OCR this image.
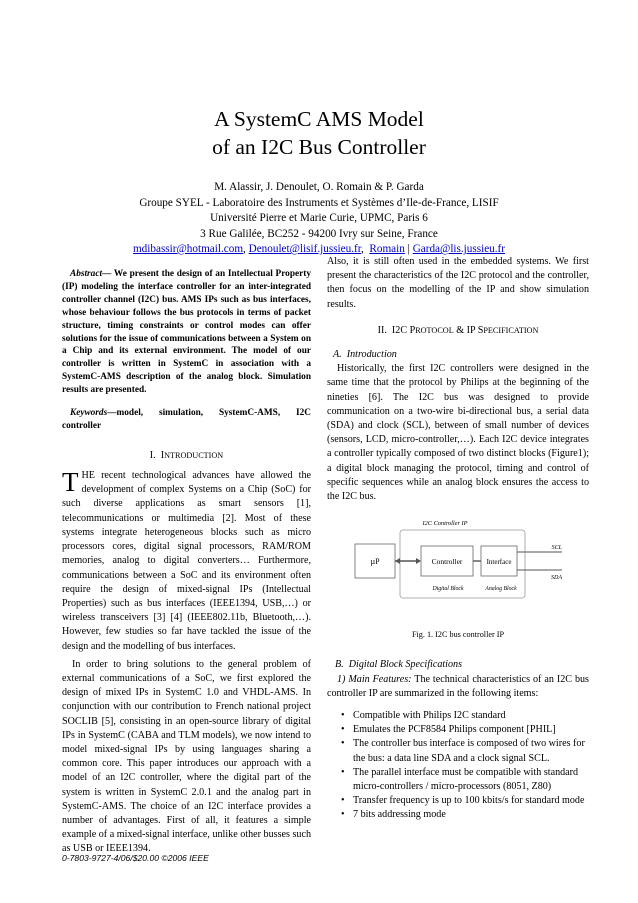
A SystemC AMS Model
of an I2C Bus Controller
M. Alassir, J. Denoulet, O. Romain & P. Garda
Groupe SYEL - Laboratoire des Instruments et Systèmes d’Ile-de-France, LISIF
Université Pierre et Marie Curie, UPMC, Paris 6
3 Rue Galilée, BC252 - 94200 Ivry sur Seine, France
mdibassir@hotmail.com, Denoulet@lisif.jussieu.fr,  Romain | Garda@lis.jussieu.fr

Abstract— We present the design of an Intellectual Property (IP) modeling the interface controller for an inter-integrated controller channel (I2C) bus. AMS IPs such as bus interfaces, whose behaviour follows the bus protocols in terms of packet structure, timing constraints or control modes can offer solutions for the issue of communications between a System on a Chip and its external environment. The model of our controller is written in SystemC in association with a SystemC-AMS description of the analog block. Simulation results are presented.

Keywords—model, simulation, SystemC-AMS, I2C controller

I. INTRODUCTION

THE recent technological advances have allowed the development of complex Systems on a Chip (SoC) for such diverse applications as smart sensors [1], telecommunications or multimedia [2]. Most of these systems integrate heterogeneous blocks such as micro processors cores, digital signal processors, RAM/ROM memories, analog to digital converters… Furthermore, communications between a SoC and its environment often require the design of mixed-signal IPs (Intellectual Properties) such as bus interfaces (IEEE1394, USB,…) or wireless transceivers [3] [4] (IEEE802.11b, Bluetooth,…). However, few studies so far have tackled the issue of the design and the modelling of bus interfaces.

In order to bring solutions to the general problem of external communications of a SoC, we first explored the design of mixed IPs in SystemC 1.0 and VHDL-AMS. In conjunction with our contribution to French national project SOCLIB [5], consisting in an open-source library of digital IPs in SystemC (CABA and TLM models), we now intend to model mixed-signal IPs by using languages sharing a common core. This paper introduces our approach with a model of an I2C controller, where the digital part of the system is written in SystemC 2.0.1 and the analog part in SystemC-AMS. The choice of an I2C interface provides a number of advantages. First of all, it features a simple example of a mixed-signal interface, unlike other busses such as USB or IEEE1394.

Also, it is still often used in the embedded systems. We first present the characteristics of the I2C protocol and the controller, then focus on the modelling of the IP and show simulation results.

II. I2C PROTOCOL & IP SPECIFICATION

A. Introduction

Historically, the first I2C controllers were designed in the same time that the protocol by Philips at the beginning of the nineties [6]. The I2C bus was designed to provide communication on a two-wire bi-directional bus, a serial data (SDA) and clock (SCL), between of small number of devices (sensors, LCD, micro-controller,…). Each I2C device integrates a controller typically composed of two distinct blocks (Figure1); a digital block managing the protocol, timing and control of specific sequences while an analog block ensures the access to the I2C bus.

Fig. 1. I2C bus controller IP

B. Digital Block Specifications

1) Main Features: The technical characteristics of an I2C bus controller IP are summarized in the following items:

• Compatible with Philips I2C standard
• Emulates the PCF8584 Philips component [PHIL]
• The controller bus interface is composed of two wires for the bus: a data line SDA and a clock signal SCL.
• The parallel interface must be compatible with standard micro-controllers / micro-processors (8051, Z80)
• Transfer frequency is up to 100 kbits/s for standard mode
• 7 bits addressing mode
I2C Controller IP
µP	Controller	Interface
SCL
SDA
Digital Block	Analog Block
0-7803-9727-4/06/$20.00 ©2006 IEEE
